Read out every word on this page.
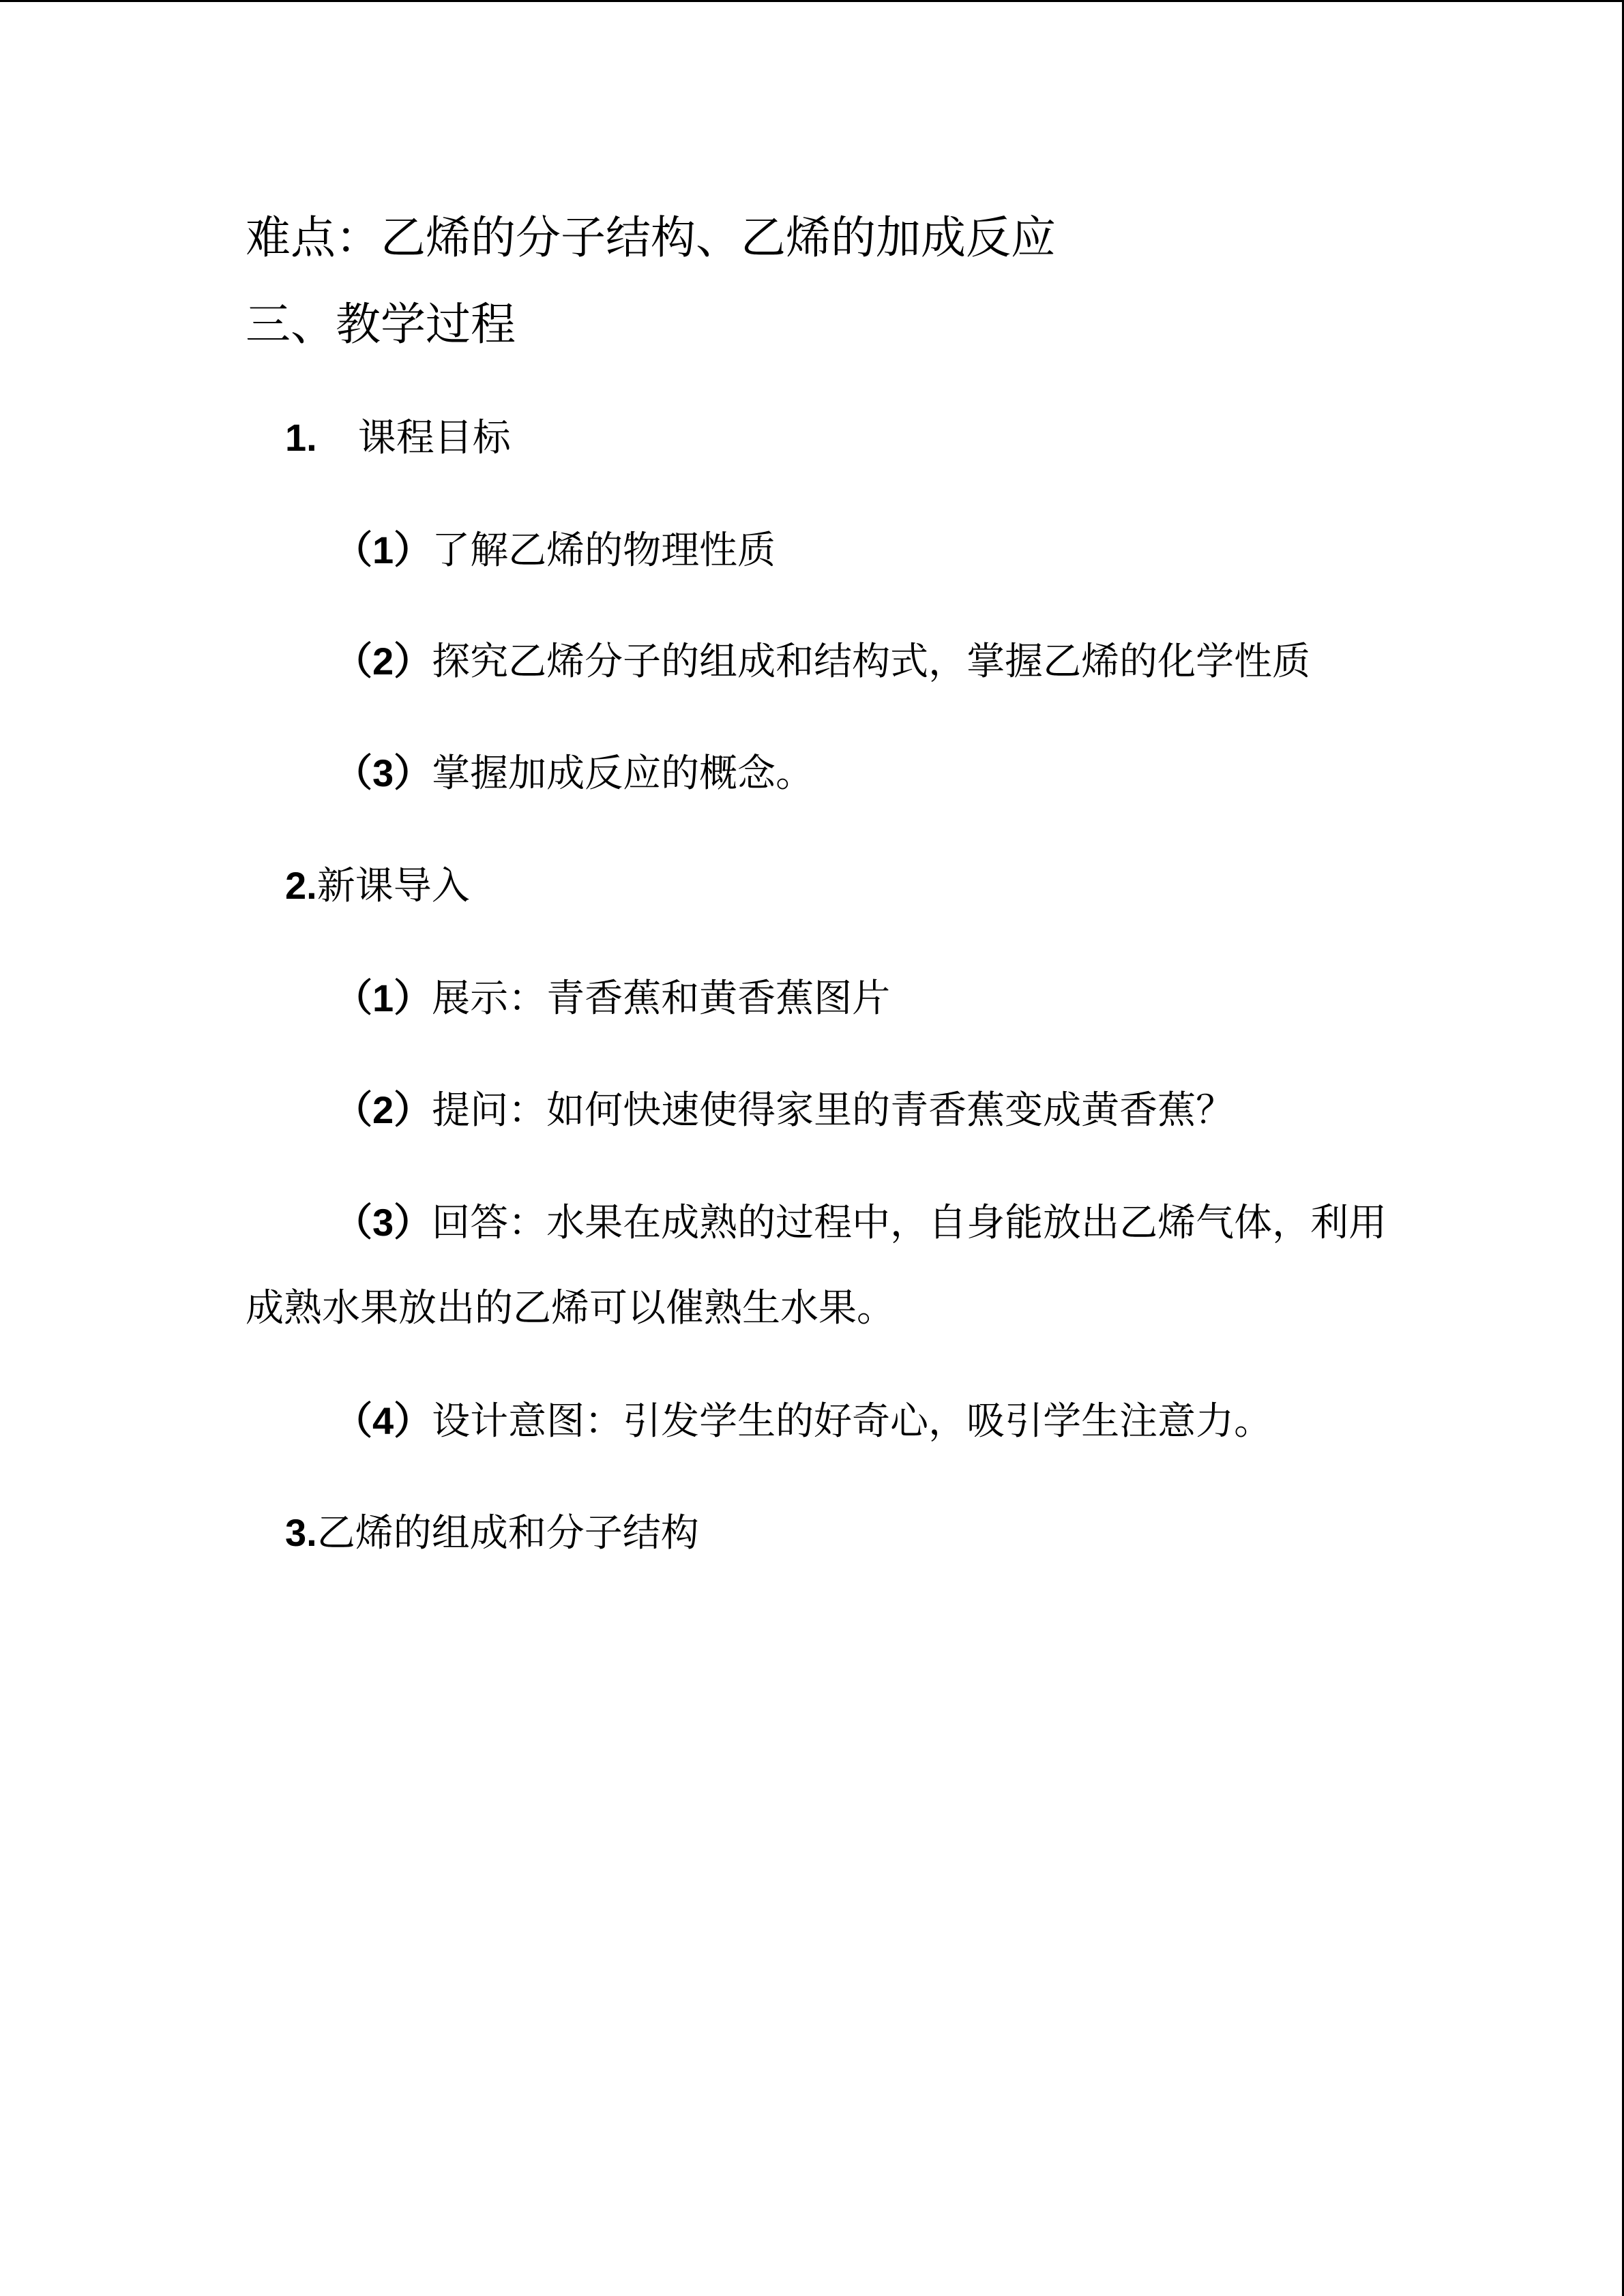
难点：乙烯的分子结构、乙烯的加成反应
三、教学过程
1. 课程目标
（1）了解乙烯的物理性质
（2）探究乙烯分子的组成和结构式，掌握乙烯的化学性质
（3）掌握加成反应的概念。
2.新课导入
（1）展示：青香蕉和黄香蕉图片
（2）提问：如何快速使得家里的青香蕉变成黄香蕉？
（3）回答：水果在成熟的过程中，自身能放出乙烯气体，利用
成熟水果放出的乙烯可以催熟生水果。
（4）设计意图：引发学生的好奇心，吸引学生注意力。
3.乙烯的组成和分子结构
